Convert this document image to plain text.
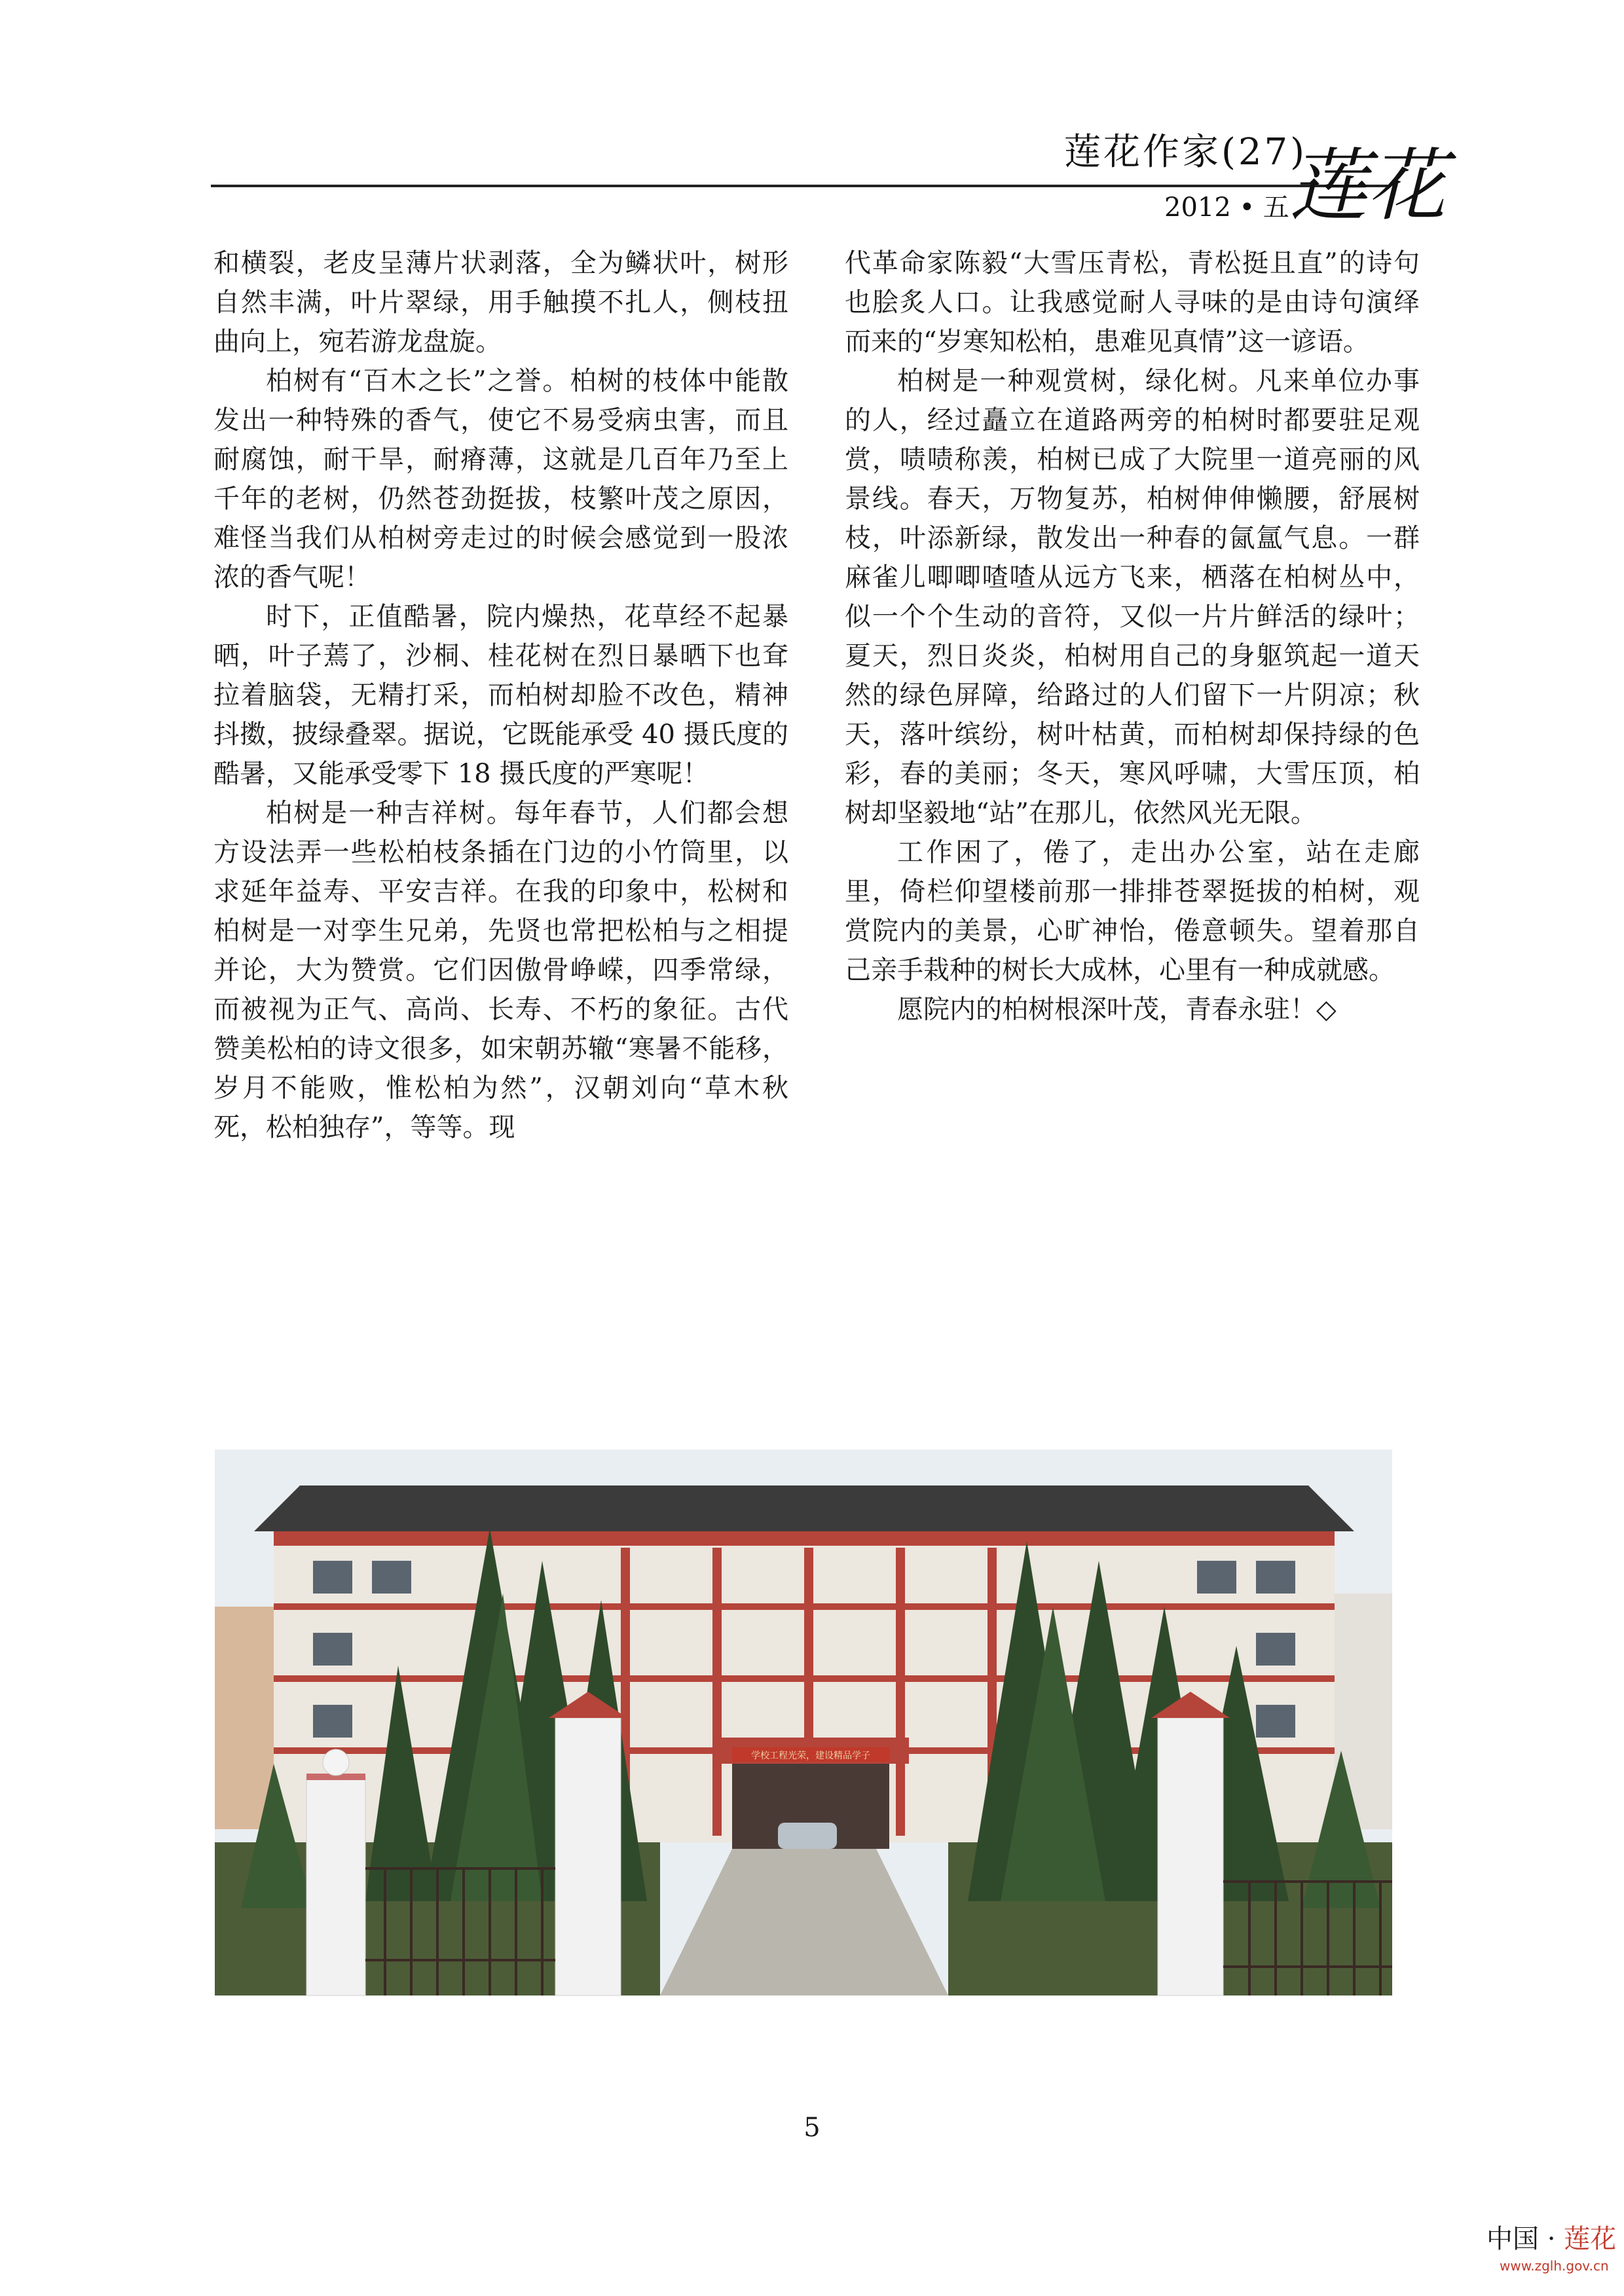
莲花作家(27)
2012 • 五 莲花

和横裂，老皮呈薄片状剥落，全为鳞状叶，树形自然丰满，叶片翠绿，用手触摸不扎人，侧枝扭曲向上，宛若游龙盘旋。

柏树有“百木之长”之誉。柏树的枝体中能散发出一种特殊的香气，使它不易受病虫害，而且耐腐蚀，耐干旱，耐瘠薄，这就是几百年乃至上千年的老树，仍然苍劲挺拔，枝繁叶茂之原因，难怪当我们从柏树旁走过的时候会感觉到一股浓浓的香气呢！

时下，正值酷暑，院内燥热，花草经不起暴晒，叶子蔫了，沙桐、桂花树在烈日暴晒下也耷拉着脑袋，无精打采，而柏树却脸不改色，精神抖擞，披绿叠翠。据说，它既能承受 40 摄氏度的酷暑，又能承受零下 18 摄氏度的严寒呢！

柏树是一种吉祥树。每年春节，人们都会想方设法弄一些松柏枝条插在门边的小竹筒里，以求延年益寿、平安吉祥。在我的印象中，松树和柏树是一对孪生兄弟，先贤也常把松柏与之相提并论，大为赞赏。它们因傲骨峥嵘，四季常绿，而被视为正气、高尚、长寿、不朽的象征。古代赞美松柏的诗文很多，如宋朝苏辙“寒暑不能移，岁月不能败，惟松柏为然”，汉朝刘向“草木秋死，松柏独存”，等等。现

代革命家陈毅“大雪压青松，青松挺且直”的诗句也脍炙人口。让我感觉耐人寻味的是由诗句演绎而来的“岁寒知松柏，患难见真情”这一谚语。

柏树是一种观赏树，绿化树。凡来单位办事的人，经过矗立在道路两旁的柏树时都要驻足观赏，啧啧称羡，柏树已成了大院里一道亮丽的风景线。春天，万物复苏，柏树伸伸懒腰，舒展树枝，叶添新绿，散发出一种春的氤氲气息。一群麻雀儿唧唧喳喳从远方飞来，栖落在柏树丛中，似一个个生动的音符，又似一片片鲜活的绿叶；夏天，烈日炎炎，柏树用自己的身躯筑起一道天然的绿色屏障，给路过的人们留下一片阴凉；秋天，落叶缤纷，树叶枯黄，而柏树却保持绿的色彩，春的美丽；冬天，寒风呼啸，大雪压顶，柏树却坚毅地“站”在那儿，依然风光无限。

工作困了，倦了，走出办公室，站在走廊里，倚栏仰望楼前那一排排苍翠挺拔的柏树，观赏院内的美景，心旷神怡，倦意顿失。望着那自己亲手栽种的树长大成林，心里有一种成就感。

愿院内的柏树根深叶茂，青春永驻！◇

学校工程光荣，建设精品学子
5
中国 · 莲花
www.zglh.gov.cn
